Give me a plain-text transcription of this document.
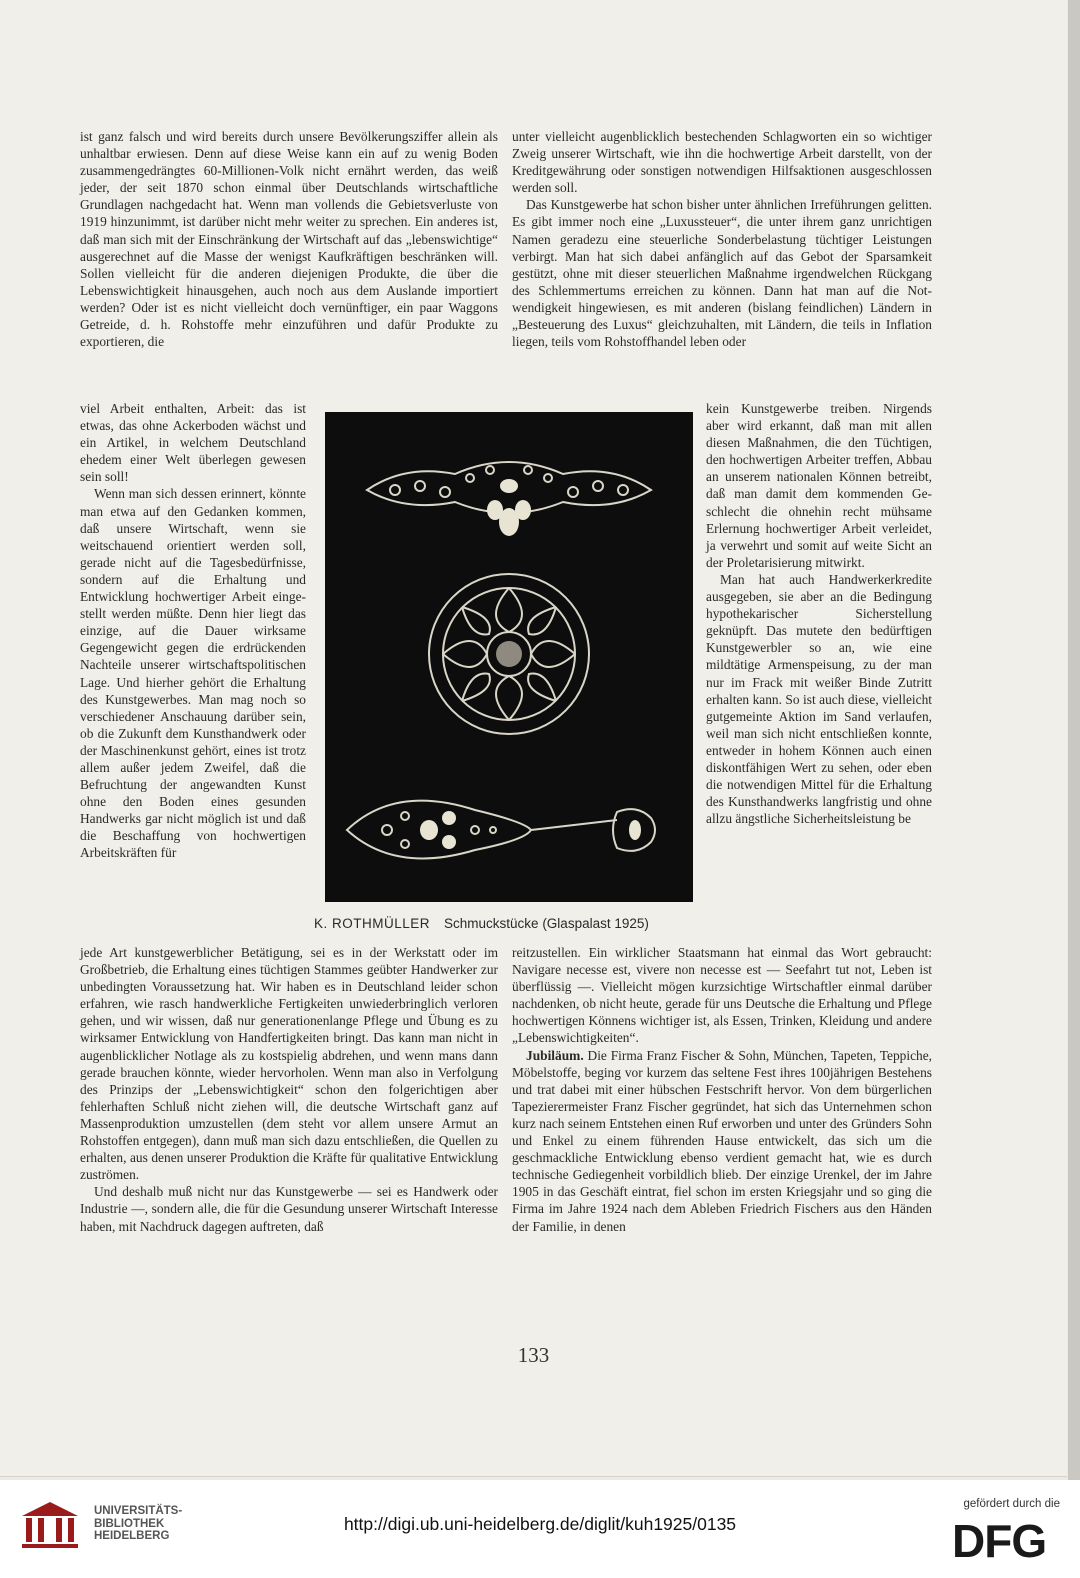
ist ganz falsch und wird bereits durch unsere Bevölkerungsziffer allein als unhaltbar erwiesen. Denn auf diese Weise kann ein auf zu wenig Boden zusammengedrängtes 60-Millionen-Volk nicht ernährt werden, das weiß jeder, der seit 1870 schon einmal über Deutschlands wirtschaftliche Grundlagen nachgedacht hat. Wenn man vollends die Gebietsverluste von 1919 hinzunimmt, ist darüber nicht mehr weiter zu sprechen. Ein anderes ist, daß man sich mit der Einschränkung der Wirtschaft auf das „lebenswichtige“ ausgerechnet auf die Masse der wenigst Kaufkräftigen beschränken will. Sollen vielleicht für die anderen diejenigen Produkte, die über die Lebenswichtigkeit hinausgehen, auch noch aus dem Auslande importiert werden? Oder ist es nicht vielleicht doch vernünftiger, ein paar Waggons Getreide, d. h. Rohstoffe mehr einzuführen und dafür Produkte zu exportieren, die

viel Arbeit enthalten, Arbeit: das ist etwas, das ohne Ackerboden wächst und ein Artikel, in welchem Deutschland ehedem einer Welt überlegen gewesen sein soll!

Wenn man sich dessen erinnert, könnte man etwa auf den Gedanken kommen, daß unsere Wirtschaft, wenn sie weitschauend orientiert werden soll, gerade nicht auf die Tagesbedürfnisse, sondern auf die Erhaltung und Entwicklung hochwertiger Arbeit eingestellt werden müßte. Denn hier liegt das einzige, auf die Dauer wirksame Gegengewicht gegen die erdrückenden Nachteile unserer wirtschaftspolitischen Lage. Und hierher gehört die Erhaltung des Kunstgewerbes. Man mag noch so verschiedener Anschauung darüber sein, ob die Zukunft dem Kunsthandwerk oder der Maschinenkunst gehört, eines ist trotz allem außer jedem Zweifel, daß die Befruchtung der angewandten Kunst ohne den Boden eines gesunden Handwerks gar nicht möglich ist und daß die Beschaffung von hochwertigen Arbeitskräften für

jede Art kunstgewerblicher Betätigung, sei es in der Werkstatt oder im Großbetrieb, die Erhaltung eines tüchtigen Stammes geübter Handwerker zur unbedingten Voraussetzung hat. Wir haben es in Deutschland leider schon erfahren, wie rasch handwerkliche Fertigkeiten unwiederbringlich verloren gehen, und wir wissen, daß nur generationenlange Pflege und Übung es zu wirksamer Entwicklung von Handfertigkeiten bringt. Das kann man nicht in augenblicklicher Notlage als zu kostspielig abdrehen, und wenn mans dann gerade brauchen könnte, wieder hervorholen. Wenn man also in Verfolgung des Prinzips der „Lebenswichtigkeit“ schon den folgerichtigen aber fehlerhaften Schluß nicht ziehen will, die deutsche Wirtschaft ganz auf Massenproduktion umzustellen (dem steht vor allem unsere Armut an Rohstoffen entgegen), dann muß man sich dazu entschließen, die Quellen zu erhalten, aus denen unserer Produktion die Kräfte für qualitative Entwicklung zuströmen.

Und deshalb muß nicht nur das Kunstgewerbe — sei es Handwerk oder Industrie —, sondern alle, die für die Gesundung unserer Wirtschaft Interesse haben, mit Nachdruck dagegen auftreten, daß

unter vielleicht augenblicklich bestechenden Schlagworten ein so wichtiger Zweig unserer Wirtschaft, wie ihn die hochwertige Arbeit darstellt, von der Kreditgewährung oder sonstigen notwendigen Hilfsaktionen ausgeschlossen werden soll.

Das Kunstgewerbe hat schon bisher unter ähnlichen Irreführungen gelitten. Es gibt immer noch eine „Luxussteuer“, die unter ihrem ganz unrichtigen Namen geradezu eine steuerliche Sonderbelastung tüchtiger Leistungen verbirgt. Man hat sich dabei anfänglich auf das Gebot der Sparsamkeit gestützt, ohne mit dieser steuerlichen Maßnahme irgendwelchen Rückgang des Schlemmertums erreichen zu können. Dann hat man auf die Notwendigkeit hingewiesen, es mit anderen (bislang feindlichen) Ländern in „Besteuerung des Luxus“ gleichzuhalten, mit Ländern, die teils in Inflation liegen, teils vom Rohstoffhandel leben oder

kein Kunstgewerbe treiben. Nirgends aber wird erkannt, daß man mit allen diesen Maßnahmen, die den Tüchtigen, den hochwertigen Arbeiter treffen, Abbau an unserem nationalen Können betreibt, daß man damit dem kommenden Geschlecht die ohnehin recht mühsame Erlernung hochwertiger Arbeit verleidet, ja verwehrt und somit auf weite Sicht an der Proletarisierung mitwirkt.

Man hat auch Handwerkerkredite ausgegeben, sie aber an die Bedingung hypothekarischer Sicherstellung geknüpft. Das mutete den bedürftigen Kunstgewerbler so an, wie eine mildtätige Armenspeisung, zu der man nur im Frack mit weißer Binde Zutritt erhalten kann. So ist auch diese, vielleicht gutgemeinte Aktion im Sand verlaufen, weil man sich nicht entschließen konnte, entweder in hohem Können auch einen diskontfähigen Wert zu sehen, oder eben die notwendigen Mittel für die Erhaltung des Kunsthandwerks langfristig und ohne allzu ängstliche Sicherheitsleistung be

reitzustellen. Ein wirklicher Staatsmann hat einmal das Wort gebraucht: Navigare necesse est, vivere non necesse est — Seefahrt tut not, Leben ist überflüssig —. Vielleicht mögen kurzsichtige Wirtschaftler einmal darüber nachdenken, ob nicht heute, gerade für uns Deutsche die Erhaltung und Pflege hochwertigen Könnens wichtiger ist, als Essen, Trinken, Kleidung und andere „Lebenswichtigkeiten“.

Jubiläum. Die Firma Franz Fischer & Sohn, München, Tapeten, Teppiche, Möbelstoffe, beging vor kurzem das seltene Fest ihres 100jährigen Bestehens und trat dabei mit einer hübschen Festschrift hervor. Von dem bürgerlichen Tapezierermeister Franz Fischer gegründet, hat sich das Unternehmen schon kurz nach seinem Entstehen einen Ruf erworben und unter des Gründers Sohn und Enkel zu einem führenden Hause entwickelt, das sich um die geschmackliche Entwicklung ebenso verdient gemacht hat, wie es durch technische Gediegenheit vorbildlich blieb. Der einzige Urenkel, der im Jahre 1905 in das Geschäft eintrat, fiel schon im ersten Kriegsjahr und so ging die Firma im Jahre 1924 nach dem Ableben Friedrich Fischers aus den Händen der Familie, in denen

K. ROTHMÜLLER Schmuckstücke (Glaspalast 1925)
133
UNIVERSITÄTS-
BIBLIOTHEK
HEIDELBERG
http://digi.ub.uni-heidelberg.de/diglit/kuh1925/0135
gefördert durch die
DFG
